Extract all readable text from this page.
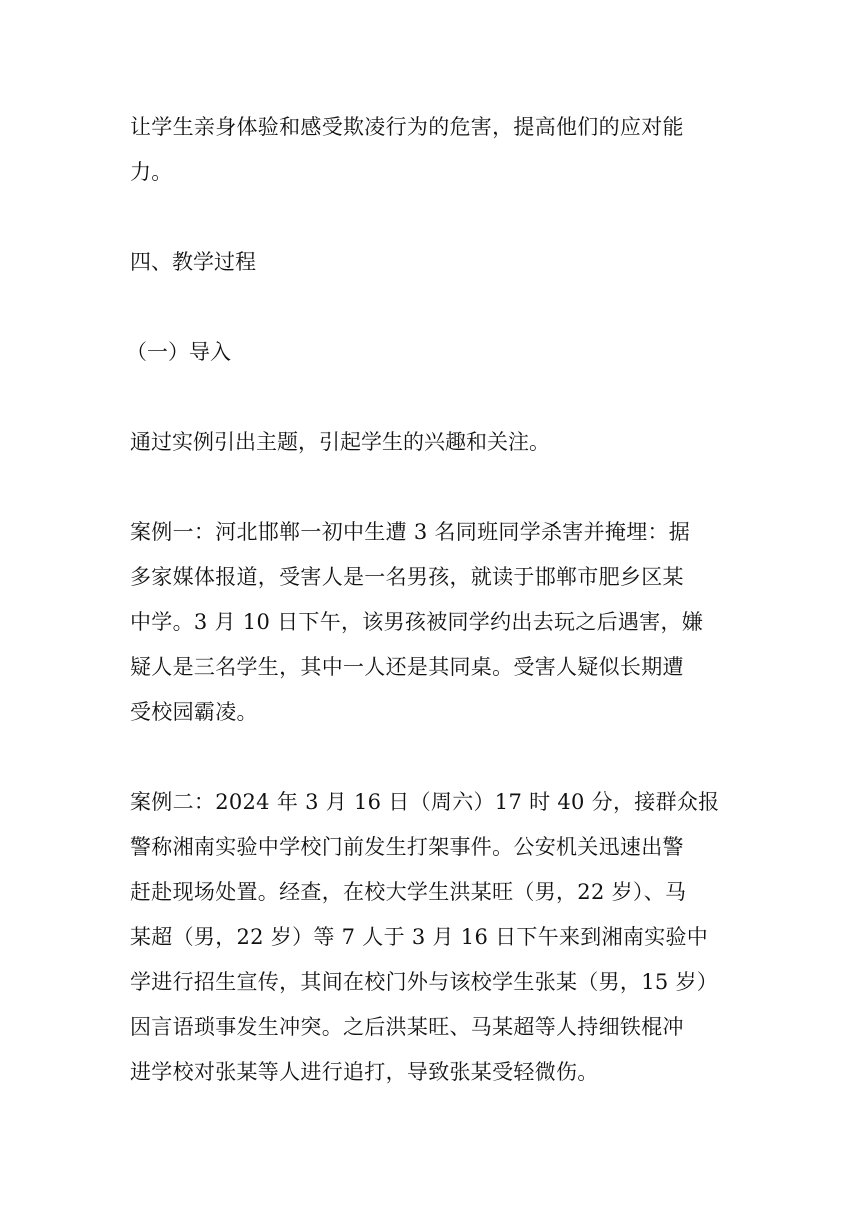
让学生亲身体验和感受欺凌行为的危害，提高他们的应对能
力。
四、教学过程
（一）导入
通过实例引出主题，引起学生的兴趣和关注。
案例一：河北邯郸一初中生遭 3 名同班同学杀害并掩埋：据
多家媒体报道，受害人是一名男孩，就读于邯郸市肥乡区某
中学。3 月 10 日下午，该男孩被同学约出去玩之后遇害，嫌
疑人是三名学生，其中一人还是其同桌。受害人疑似长期遭
受校园霸凌。
案例二：2024 年 3 月 16 日（周六）17 时 40 分，接群众报
警称湘南实验中学校门前发生打架事件。公安机关迅速出警
赶赴现场处置。经查，在校大学生洪某旺（男，22 岁）、马
某超（男，22 岁）等 7 人于 3 月 16 日下午来到湘南实验中
学进行招生宣传，其间在校门外与该校学生张某（男，15 岁）
因言语琐事发生冲突。之后洪某旺、马某超等人持细铁棍冲
进学校对张某等人进行追打，导致张某受轻微伤。
